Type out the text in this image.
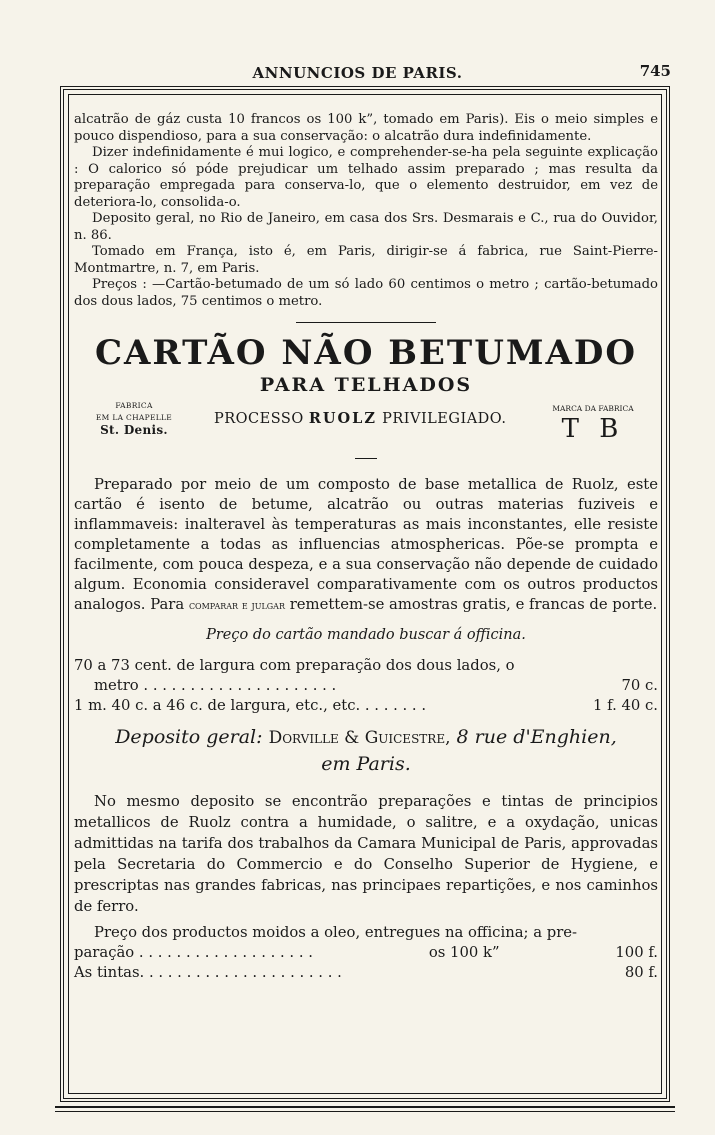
ANNUNCIOS DE PARIS.	745
alcatrão de gáz custa 10 francos os 100 k”, tomado em Paris). Eis o meio simples e pouco dispendioso, para a sua conservação: o alcatrão dura indefinidamente.
Dizer indefinidamente é mui logico, e comprehender-se-ha pela seguinte explicação : O calorico só póde prejudicar um telhado assim preparado ; mas resulta da preparação empregada para conserva-lo, que o elemento destruidor, em vez de deteriora-lo, consolida-o.
Deposito geral, no Rio de Janeiro, em casa dos Srs. Desmarais e C., rua do Ouvidor, n. 86.
Tomado em França, isto é, em Paris, dirigir-se á fabrica, rue Saint-Pierre-Montmartre, n. 7, em Paris.
Preços : —Cartão-betumado de um só lado 60 centimos o metro ; cartão-betumado dos dous lados, 75 centimos o metro.
CARTÃO NÃO BETUMADO
PARA TELHADOS
FABRICA
EM LA CHAPELLE
St. Denis.
PROCESSO RUOLZ PRIVILEGIADO.
MARCA DA FABRICA
T B

Preparado por meio de um composto de base metallica de Ruolz, este cartão é isento de betume, alcatrão ou outras materias fuziveis e inflammaveis: inalteravel às temperaturas as mais inconstantes, elle resiste completamente a todas as influencias atmosphericas. Põe-se prompta e facilmente, com pouca despeza, e a sua conservação não depende de cuidado algum. Economia consideravel comparativamente com os outros productos analogos. Para comparar e julgar remettem-se amostras gratis, e francas de porte.

Preço do cartão mandado buscar á officina.
70 a 73 cent. de largura com preparação dos dous lados, o
metro . . . . . . . . . . . . . . . . . . . . .	70 c.
1 m. 40 c. a 46 c. de largura, etc., etc. . . . . . . .	1 f. 40 c.
Deposito geral: Dorville & Guicestre, 8 rue d'Enghien,
em Paris.

No mesmo deposito se encontrão preparações e tintas de principios metallicos de Ruolz contra a humidade, o salitre, e a oxydação, unicas admittidas na tarifa dos trabalhos da Camara Municipal de Paris, approvadas pela Secretaria do Commercio e do Conselho Superior de Hygiene, e prescriptas nas grandes fabricas, nas principaes repartições, e nos caminhos de ferro.

Preço dos productos moidos a oleo, entregues na officina; a pre-
paração . . . . . . . . . . . . . . . . . . .	os 100 k”	100 f.
As tintas. . . . . . . . . . . . . . . . . . . . . .	80 f.
